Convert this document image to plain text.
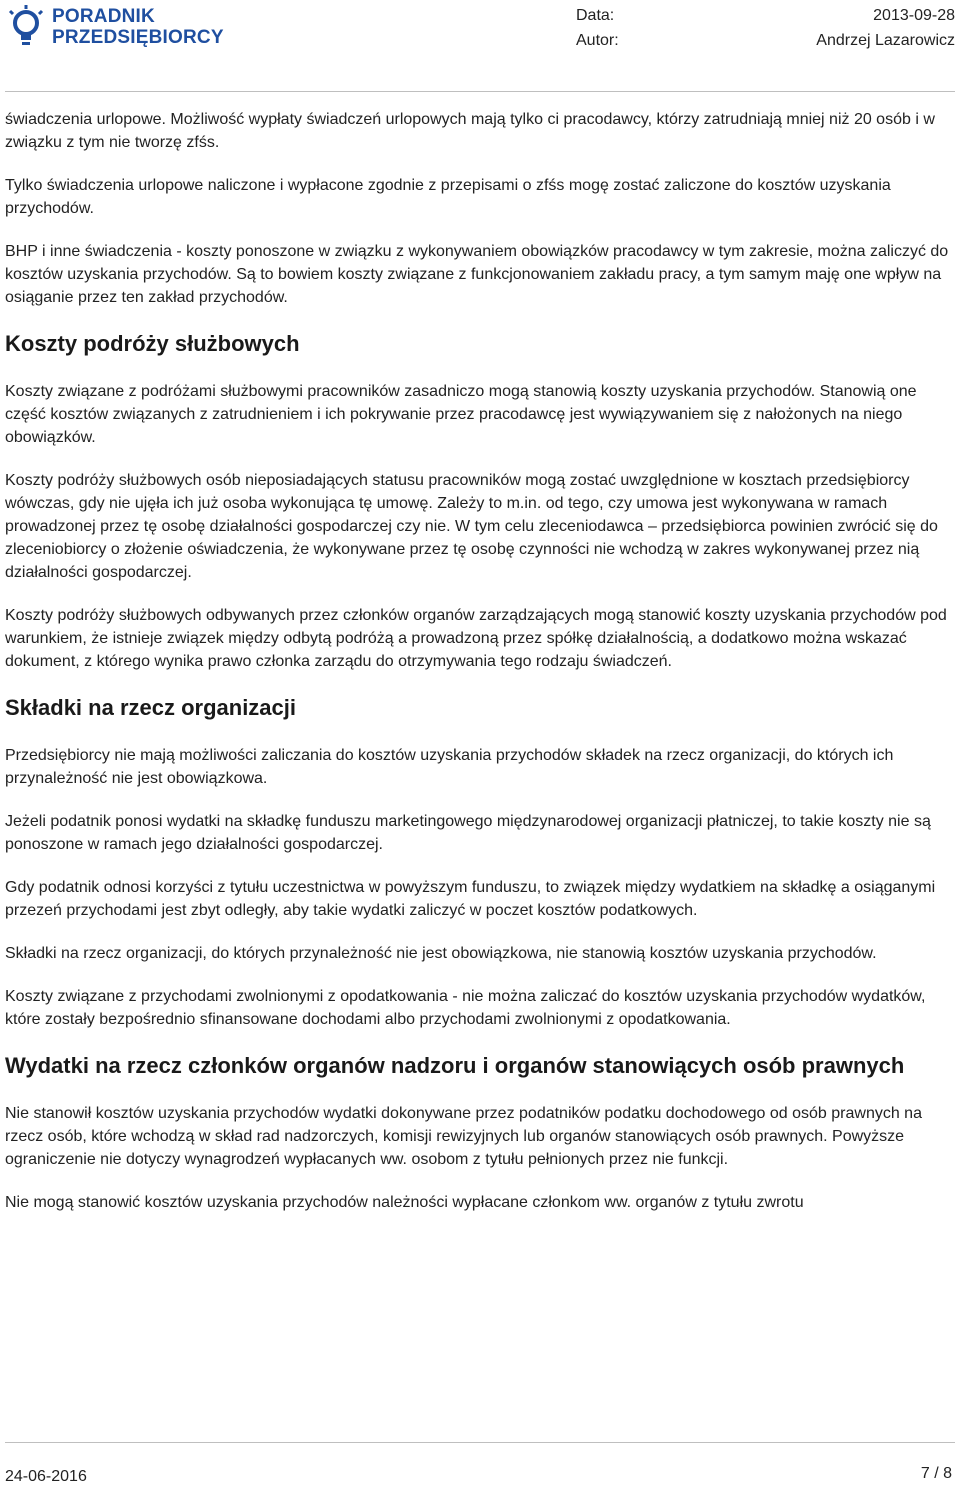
PORADNIK
PRZEDSIĘBIORCY
Data:
Autor:
2013-09-28
Andrzej Lazarowicz

świadczenia urlopowe. Możliwość wypłaty świadczeń urlopowych mają tylko ci pracodawcy, którzy zatrudniają mniej niż 20 osób i w związku z tym nie tworzę zfśs.

Tylko świadczenia urlopowe naliczone i wypłacone zgodnie z przepisami o zfśs mogę zostać zaliczone do kosztów uzyskania przychodów.

BHP i inne świadczenia - koszty ponoszone w związku z wykonywaniem obowiązków pracodawcy w tym zakresie, można zaliczyć do kosztów uzyskania przychodów. Są to bowiem koszty związane z funkcjonowaniem zakładu pracy, a tym samym maję one wpływ na osiąganie przez ten zakład przychodów.

Koszty podróży służbowych

Koszty związane z podróżami służbowymi pracowników zasadniczo mogą stanowią koszty uzyskania przychodów. Stanowią one część kosztów związanych z zatrudnieniem i ich pokrywanie przez pracodawcę jest wywiązywaniem się z nałożonych na niego obowiązków.

Koszty podróży służbowych osób nieposiadających statusu pracowników mogą zostać uwzględnione w kosztach przedsiębiorcy wówczas, gdy nie ujęła ich już osoba wykonująca tę umowę. Zależy to m.in. od tego, czy umowa jest wykonywana w ramach prowadzonej przez tę osobę działalności gospodarczej czy nie. W tym celu zleceniodawca – przedsiębiorca powinien zwrócić się do zleceniobiorcy o złożenie oświadczenia, że wykonywane przez tę osobę czynności nie wchodzą w zakres wykonywanej przez nią działalności gospodarczej.

Koszty podróży służbowych odbywanych przez członków organów zarządzających mogą stanowić koszty uzyskania przychodów pod warunkiem, że istnieje związek między odbytą podróżą a prowadzoną przez spółkę działalnością, a dodatkowo można wskazać dokument, z którego wynika prawo członka zarządu do otrzymywania tego rodzaju świadczeń.

Składki na rzecz organizacji

Przedsiębiorcy nie mają możliwości zaliczania do kosztów uzyskania przychodów składek na rzecz organizacji, do których ich przynależność nie jest obowiązkowa.

Jeżeli podatnik ponosi wydatki na składkę funduszu marketingowego międzynarodowej organizacji płatniczej, to takie koszty nie są ponoszone w ramach jego działalności gospodarczej.

Gdy podatnik odnosi korzyści z tytułu uczestnictwa w powyższym funduszu, to związek między wydatkiem na składkę a osiąganymi przezeń przychodami jest zbyt odległy, aby takie wydatki zaliczyć w poczet kosztów podatkowych.

Składki na rzecz organizacji, do których przynależność nie jest obowiązkowa, nie stanowią kosztów uzyskania przychodów.

Koszty związane z przychodami zwolnionymi z opodatkowania - nie można zaliczać do kosztów uzyskania przychodów wydatków, które zostały bezpośrednio sfinansowane dochodami albo przychodami zwolnionymi z opodatkowania.

Wydatki na rzecz członków organów nadzoru i organów stanowiących osób prawnych

Nie stanowił kosztów uzyskania przychodów wydatki dokonywane przez podatników podatku dochodowego od osób prawnych na rzecz osób, które wchodzą w skład rad nadzorczych, komisji rewizyjnych lub organów stanowiących osób prawnych. Powyższe ograniczenie nie dotyczy wynagrodzeń wypłacanych ww. osobom z tytułu pełnionych przez nie funkcji.

Nie mogą stanowić kosztów uzyskania przychodów należności wypłacane członkom ww. organów z tytułu zwrotu

24-06-2016	7 / 8
